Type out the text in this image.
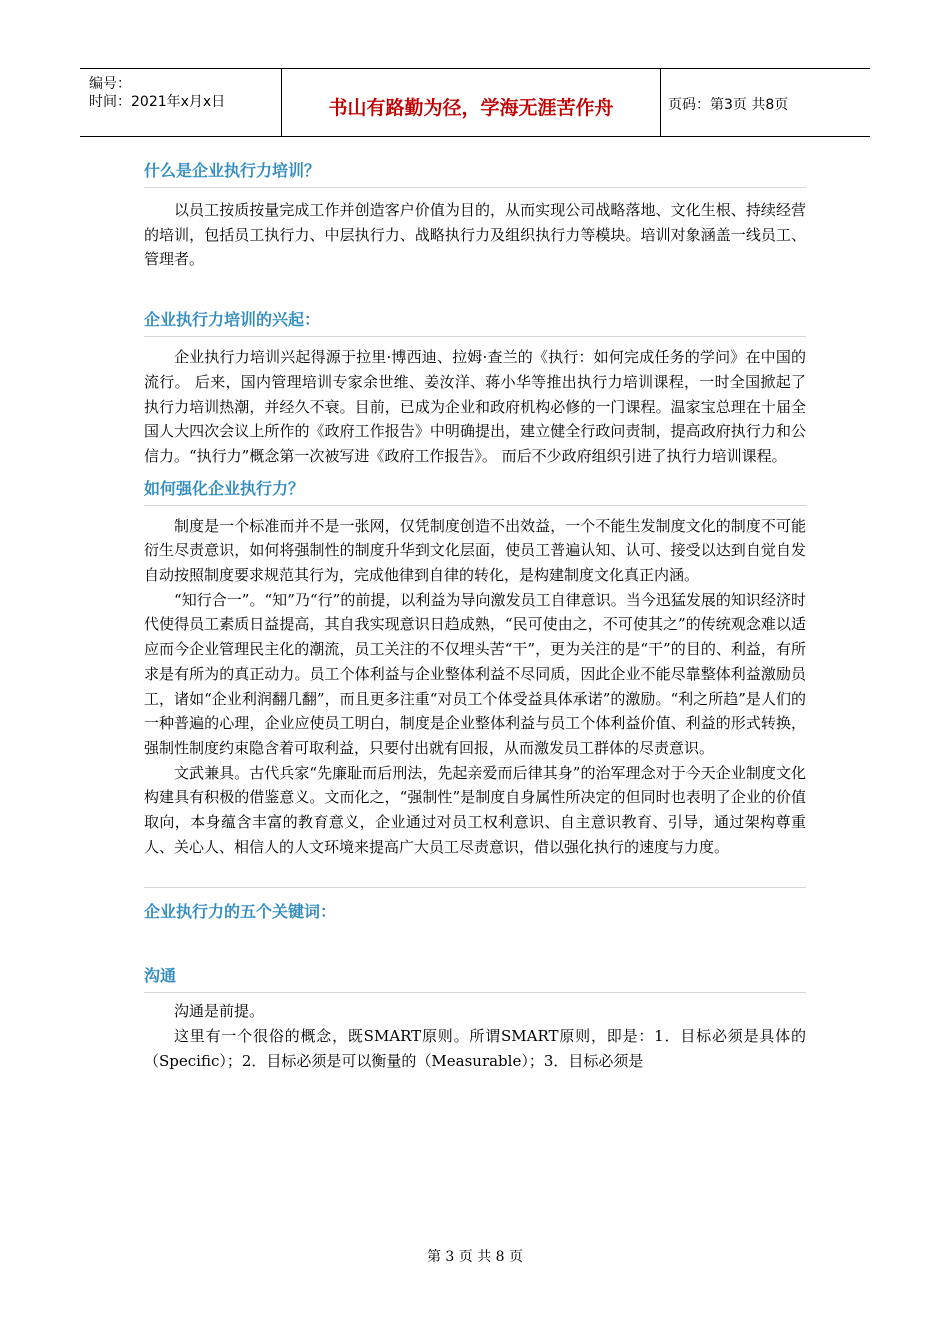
编号：
时间：2021年x月x日	书山有路勤为径，学海无涯苦作舟	页码：第3页 共8页
什么是企业执行力培训？

以员工按质按量完成工作并创造客户价值为目的，从而实现公司战略落地、文化生根、持续经营的培训，包括员工执行力、中层执行力、战略执行力及组织执行力等模块。培训对象涵盖一线员工、管理者。

企业执行力培训的兴起：

企业执行力培训兴起得源于拉里·博西迪、拉姆·查兰的《执行：如何完成任务的学问》在中国的流行。 后来，国内管理培训专家余世维、姜汝洋、蒋小华等推出执行力培训课程，一时全国掀起了执行力培训热潮，并经久不衰。目前，已成为企业和政府机构必修的一门课程。温家宝总理在十届全国人大四次会议上所作的《政府工作报告》中明确提出，建立健全行政问责制，提高政府执行力和公信力。“执行力”概念第一次被写进《政府工作报告》。 而后不少政府组织引进了执行力培训课程。

如何强化企业执行力？

制度是一个标准而并不是一张网，仅凭制度创造不出效益，一个不能生发制度文化的制度不可能衍生尽责意识，如何将强制性的制度升华到文化层面，使员工普遍认知、认可、接受以达到自觉自发自动按照制度要求规范其行为，完成他律到自律的转化，是构建制度文化真正内涵。

“知行合一”。“知”乃“行”的前提，以利益为导向激发员工自律意识。当今迅猛发展的知识经济时代使得员工素质日益提高，其自我实现意识日趋成熟，“民可使由之，不可使其之”的传统观念难以适应而今企业管理民主化的潮流，员工关注的不仅埋头苦“干”，更为关注的是“干”的目的、利益，有所求是有所为的真正动力。员工个体利益与企业整体利益不尽同质，因此企业不能尽靠整体利益激励员工，诸如“企业利润翻几翻”，而且更多注重“对员工个体受益具体承诺”的激励。“利之所趋”是人们的一种普遍的心理，企业应使员工明白，制度是企业整体利益与员工个体利益价值、利益的形式转换，强制性制度约束隐含着可取利益，只要付出就有回报，从而激发员工群体的尽责意识。

文武兼具。古代兵家“先廉耻而后刑法，先起亲爱而后律其身”的治军理念对于今天企业制度文化构建具有积极的借鉴意义。文而化之，“强制性”是制度自身属性所决定的但同时也表明了企业的价值取向，本身蕴含丰富的教育意义，企业通过对员工权利意识、自主意识教育、引导，通过架构尊重人、关心人、相信人的人文环境来提高广大员工尽责意识，借以强化执行的速度与力度。

企业执行力的五个关键词：
沟通

沟通是前提。

这里有一个很俗的概念，既SMART原则。所谓SMART原则，即是：1．目标必须是具体的（Specific）；2．目标必须是可以衡量的（Measurable）；3．目标必须是

第 3 页 共 8 页
